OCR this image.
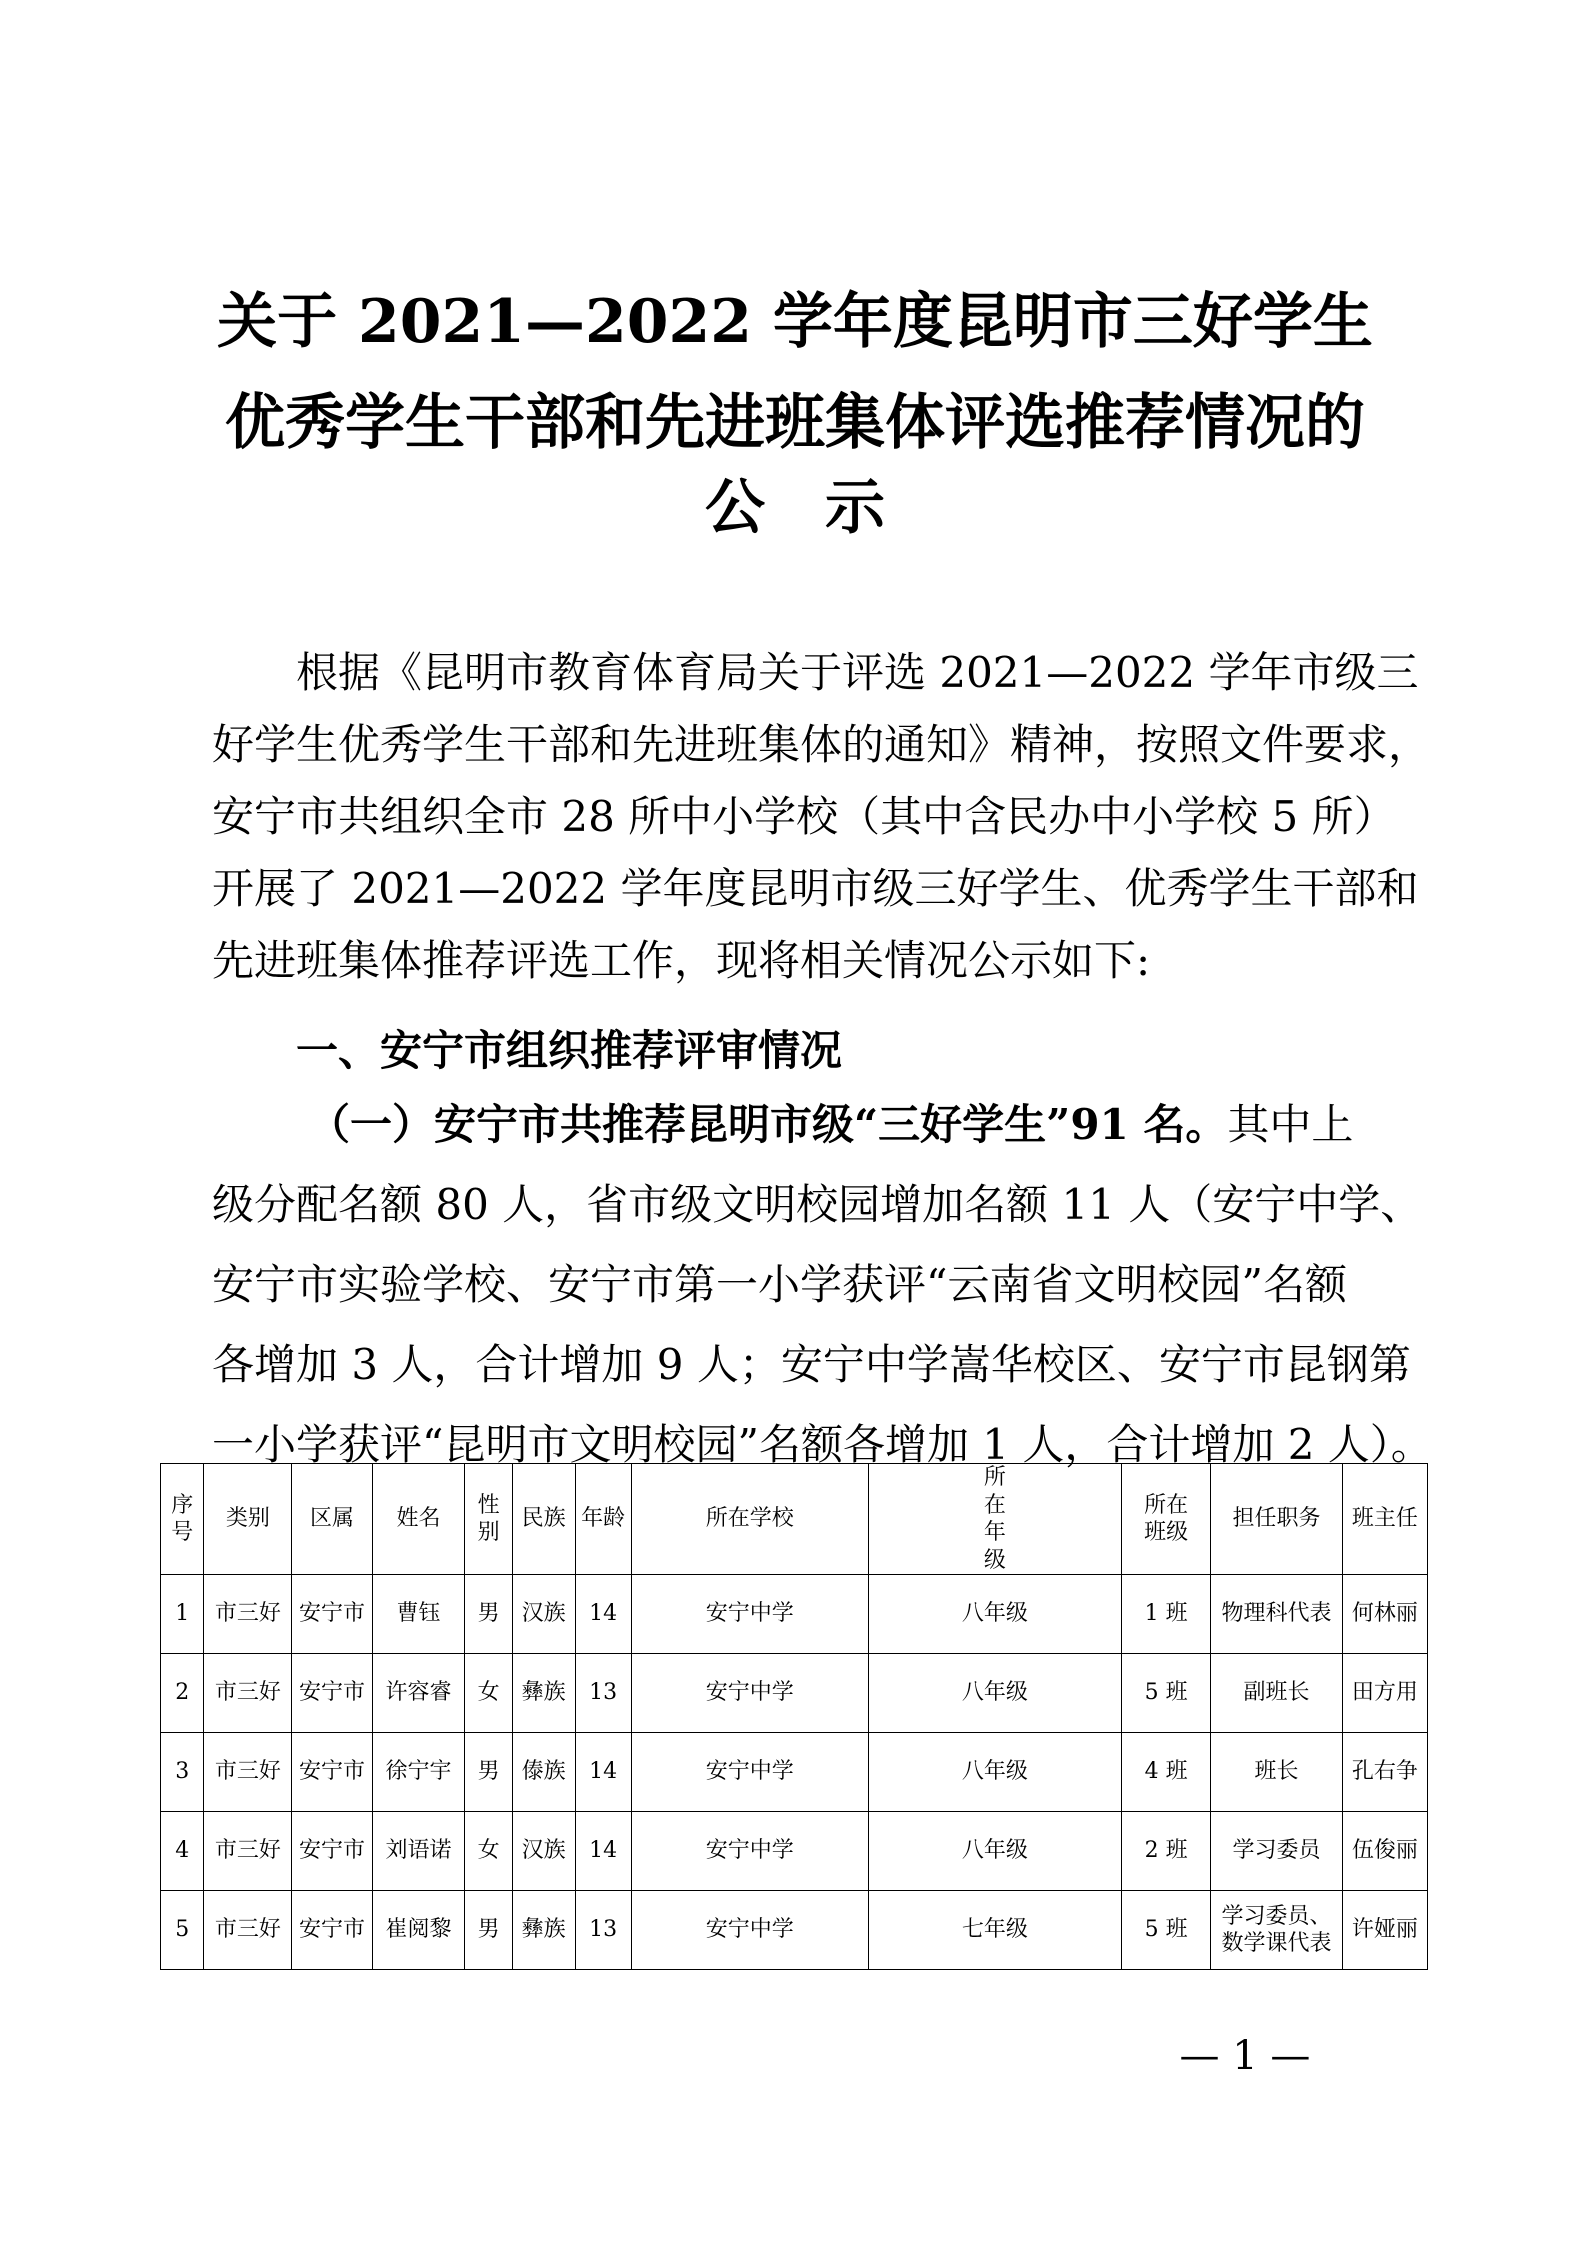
关于 2021—2022 学年度昆明市三好学生
优秀学生干部和先进班集体评选推荐情况的
公示
根据《昆明市教育体育局关于评选 2021—2022 学年市级三
好学生优秀学生干部和先进班集体的通知》精神，按照文件要求，
安宁市共组织全市 28 所中小学校（其中含民办中小学校 5 所）
开展了 2021—2022 学年度昆明市级三好学生、优秀学生干部和
先进班集体推荐评选工作，现将相关情况公示如下:
一、安宁市组织推荐评审情况
（一）安宁市共推荐昆明市级“三好学生”91 名。其中上
级分配名额 80 人，省市级文明校园增加名额 11 人（安宁中学、
安宁市实验学校、安宁市第一小学获评“云南省文明校园”名额
各增加 3 人，合计增加 9 人；安宁中学嵩华校区、安宁市昆钢第
一小学获评“昆明市文明校园”名额各增加 1 人，合计增加 2 人）。
序号	类别	区属	姓名	性别	民族	年龄	所在学校	所在年级	所在班级	担任职务	班主任
1	市三好	安宁市	曹钰	男	汉族	14	安宁中学	八年级	1 班	物理科代表	何林丽
2	市三好	安宁市	许容睿	女	彝族	13	安宁中学	八年级	5 班	副班长	田方用
3	市三好	安宁市	徐宁宇	男	傣族	14	安宁中学	八年级	4 班	班长	孔右争
4	市三好	安宁市	刘语诺	女	汉族	14	安宁中学	八年级	2 班	学习委员	伍俊丽
5	市三好	安宁市	崔阅黎	男	彝族	13	安宁中学	七年级	5 班	学习委员、数学课代表	许娅丽
— 1 —
